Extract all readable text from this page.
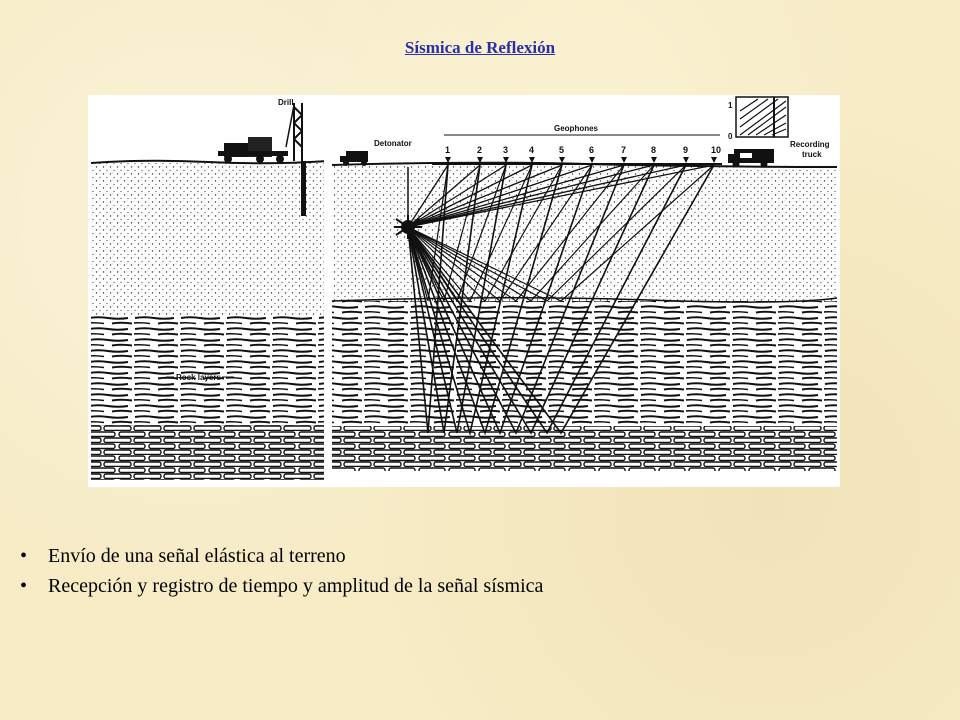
Sísmica de Reflexión
Drill
Rock layers
Detonator
Geophones
1	2 3 4	5	6	7	8	9	10
Recording
truck
1
0
• Envío de una señal elástica al terreno
• Recepción y registro de tiempo y amplitud de la señal sísmica
